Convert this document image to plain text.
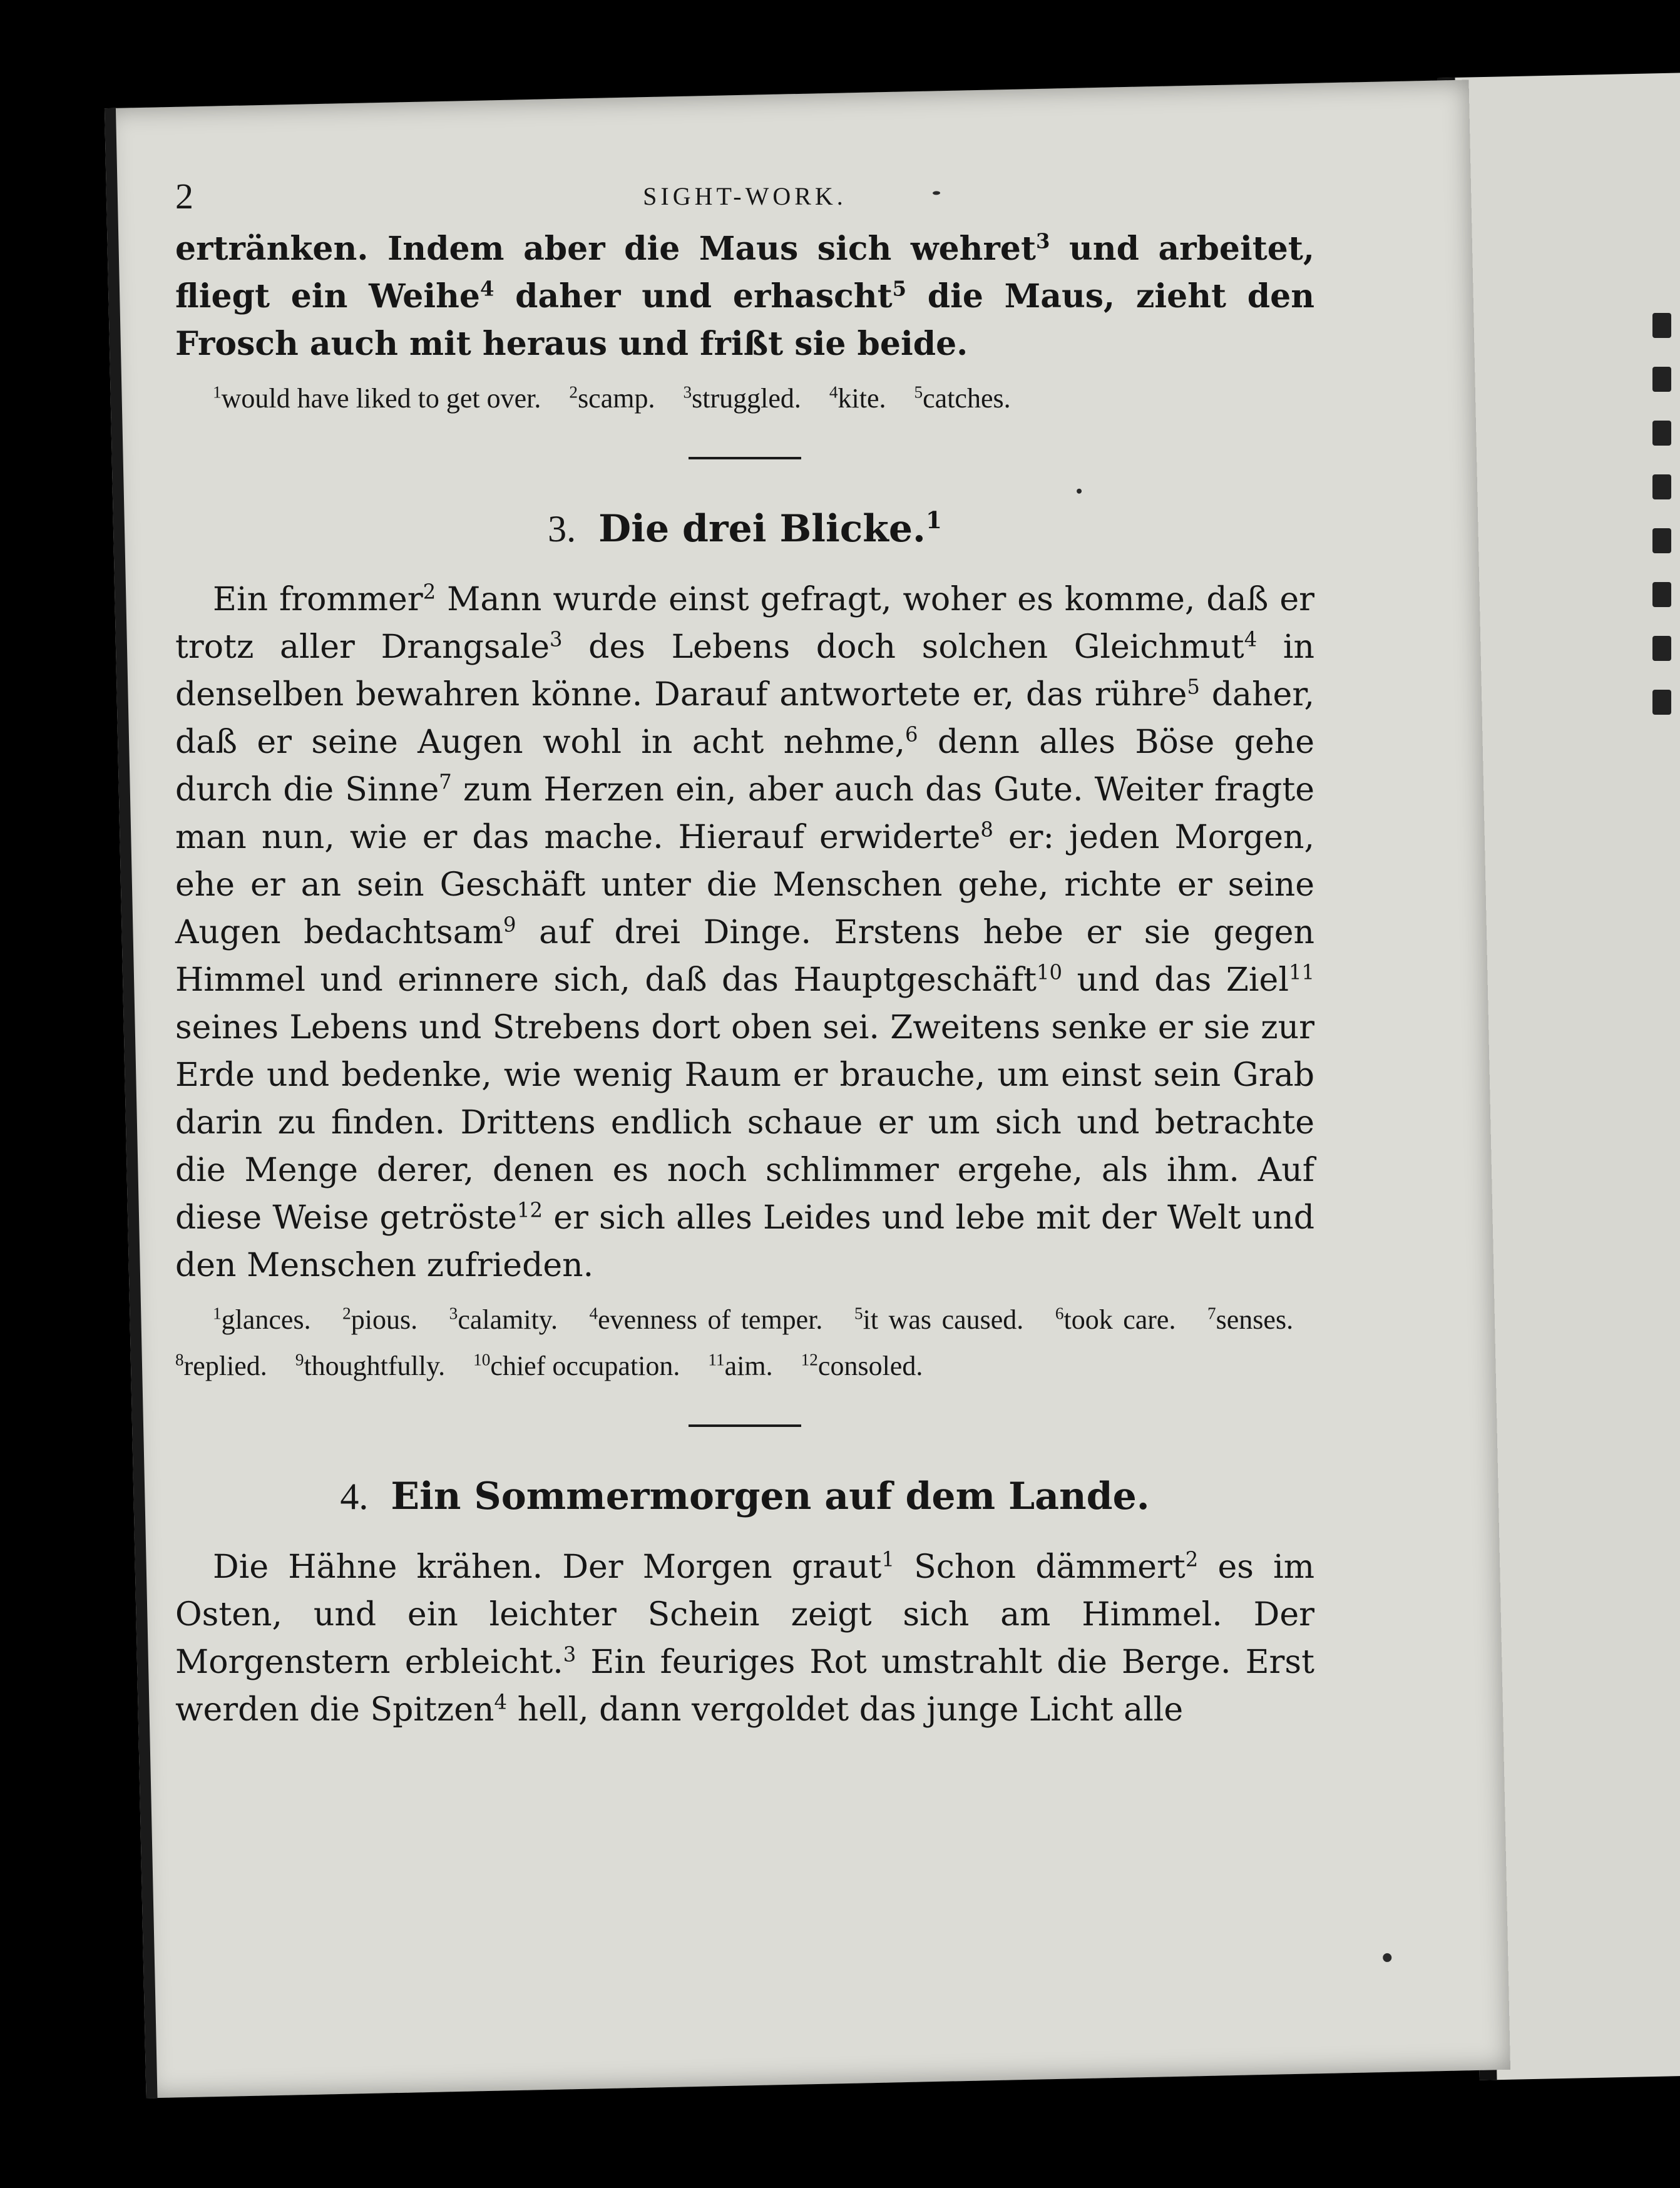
2	SIGHT-WORK.

ertränken. Indem aber die Maus sich wehret$^3$ und arbeitet, fliegt ein Weihe$^4$ daher und erhascht$^5$ die Maus, zieht den Frosch auch mit heraus und frißt sie beide.

$^1$would have liked to get over. $^2$scamp. $^3$struggled. $^4$kite. $^5$catches.

3. Die drei Blicke.$^1$

Ein frommer$^2$ Mann wurde einst gefragt, woher es komme, daß er trotz aller Drangsale$^3$ des Lebens doch solchen Gleichmut$^4$ in denselben bewahren könne. Darauf antwortete er, das rühre$^5$ daher, daß er seine Augen wohl in acht nehme,$^6$ denn alles Böse gehe durch die Sinne$^7$ zum Herzen ein, aber auch das Gute. Weiter fragte man nun, wie er das mache. Hierauf erwiderte$^8$ er: jeden Morgen, ehe er an sein Geschäft unter die Menschen gehe, richte er seine Augen bedachtsam$^9$ auf drei Dinge. Erstens hebe er sie gegen Himmel und erinnere sich, daß das Hauptgeschäft$^{10}$ und das Ziel$^{11}$ seines Lebens und Strebens dort oben sei. Zweitens senke er sie zur Erde und bedenke, wie wenig Raum er brauche, um einst sein Grab darin zu finden. Drittens endlich schaue er um sich und betrachte die Menge derer, denen es noch schlimmer ergehe, als ihm. Auf diese Weise getröste$^{12}$ er sich alles Leides und lebe mit der Welt und den Menschen zufrieden.

$^1$glances. $^2$pious. $^3$calamity. $^4$evenness of temper. $^5$it was caused. $^6$took care. $^7$senses. $^8$replied. $^9$thoughtfully. $^{10}$chief occupation. $^{11}$aim. $^{12}$consoled.

4. Ein Sommermorgen auf dem Lande.

Die Hähne krähen. Der Morgen graut$^1$ Schon dämmert$^2$ es im Osten, und ein leichter Schein zeigt sich am Himmel. Der Morgenstern erbleicht.$^3$ Ein feuriges Rot umstrahlt die Berge. Erst werden die Spitzen$^4$ hell, dann vergoldet das junge Licht alle
